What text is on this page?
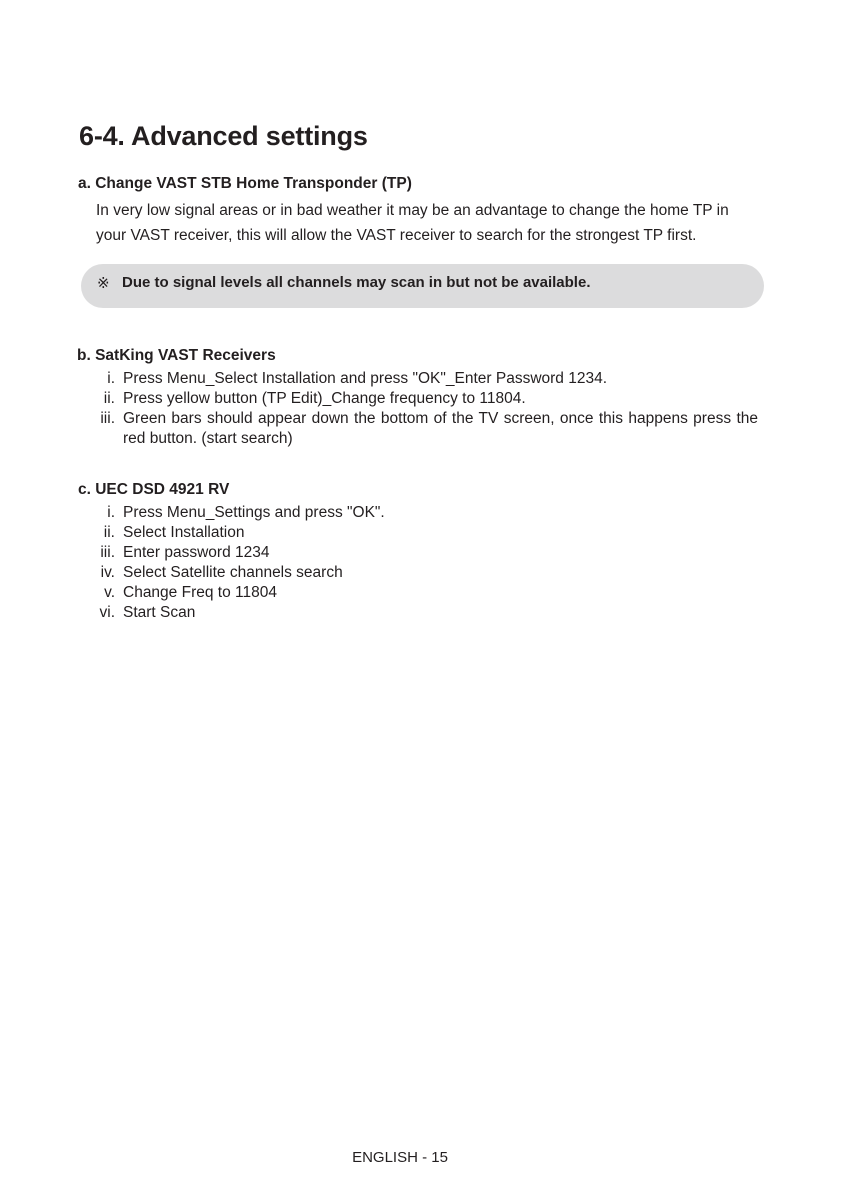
6-4. Advanced settings
a. Change VAST STB Home Transponder (TP)

In very low signal areas or in bad weather it may be an advantage to change the home TP in your VAST receiver, this will allow the VAST receiver to search for the strongest TP first.

※ Due to signal levels all channels may scan in but not be available.
b. SatKing VAST Receivers
i. Press Menu_Select Installation and press "OK"_Enter Password 1234.
ii. Press yellow button (TP Edit)_Change frequency to 11804.
iii. Green bars should appear down the bottom of the TV screen, once this happens press the red button. (start search)
c. UEC DSD 4921 RV
i. Press Menu_Settings and press "OK".
ii. Select Installation
iii. Enter password 1234
iv. Select Satellite channels search
v. Change Freq to 11804
vi. Start Scan
ENGLISH - 15
